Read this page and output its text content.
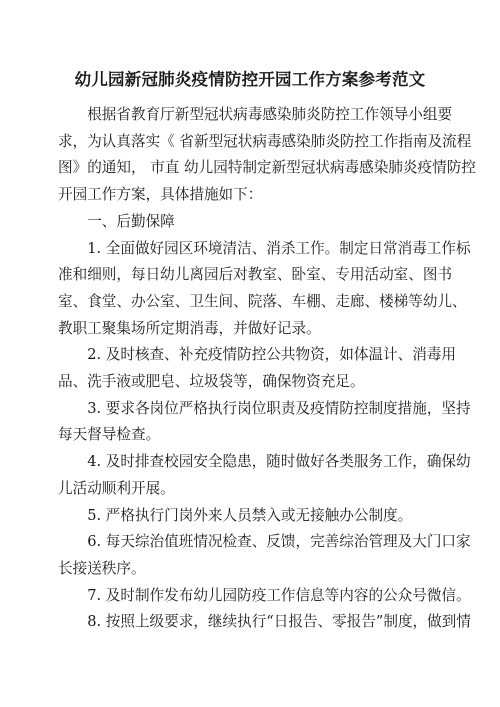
幼儿园新冠肺炎疫情防控开园工作方案参考范文

根据省教育厅新型冠状病毒感染肺炎防控工作领导小组要求，为认真落实《 省新型冠状病毒感染肺炎防控工作指南及流程图》的通知， 市直 幼儿园特制定新型冠状病毒感染肺炎疫情防控开园工作方案，具体措施如下：

一、后勤保障

1. 全面做好园区环境清洁、消杀工作。制定日常消毒工作标准和细则，每日幼儿离园后对教室、卧室、专用活动室、图书室、食堂、办公室、卫生间、院落、车棚、走廊、楼梯等幼儿、教职工聚集场所定期消毒，并做好记录。

2. 及时核查、补充疫情防控公共物资，如体温计、消毒用品、洗手液或肥皂、垃圾袋等，确保物资充足。

3. 要求各岗位严格执行岗位职责及疫情防控制度措施，坚持每天督导检查。

4. 及时排查校园安全隐患，随时做好各类服务工作，确保幼儿活动顺利开展。

5. 严格执行门岗外来人员禁入或无接触办公制度。

6. 每天综治值班情况检查、反馈，完善综治管理及大门口家长接送秩序。

7. 及时制作发布幼儿园防疫工作信息等内容的公众号微信。

8. 按照上级要求，继续执行“日报告、零报告”制度，做到情
